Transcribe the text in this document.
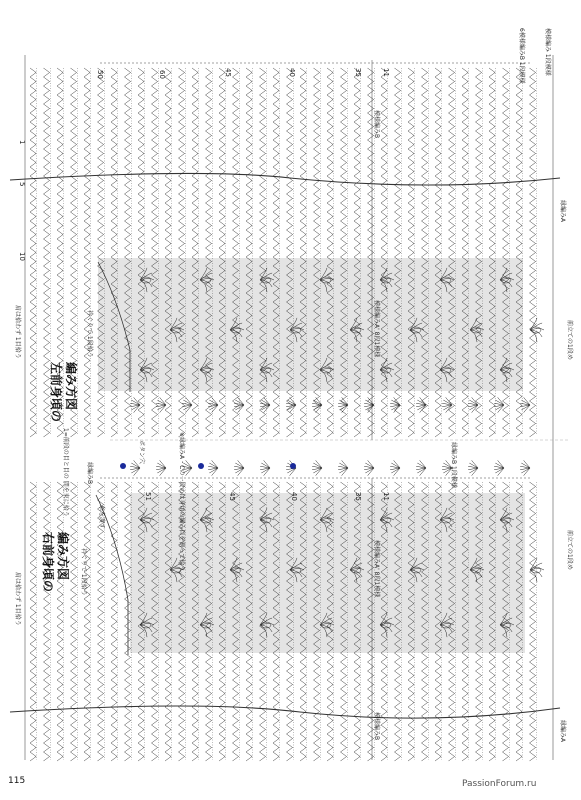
60
50	45	40	35
51	45	40	35
11
11
10
5
1
左前身頃の 編み方図
右前身頃の 編み方図
肩は拾わず 1目拾う
肩は拾わず 1目拾う
衿ぐりで 1段拾う
衿ぐりで 1段拾う
糸を渡す
ボタン穴
縁編みB
1=前段の目と目の 間を束に拾う	※縁編みA・Cの一段めは身頃の編み目を割って拾う。
模様編みA' 8段1模様
模様編みA' 8段1模様
模様編みB
模様編みB
縁編みA
縁編みA
前立ての1段め
前立ての1段め
6模様編みB 1段模様	模様編み 1段模様
縁編みB 1段模様
115	PassionForum.ru
